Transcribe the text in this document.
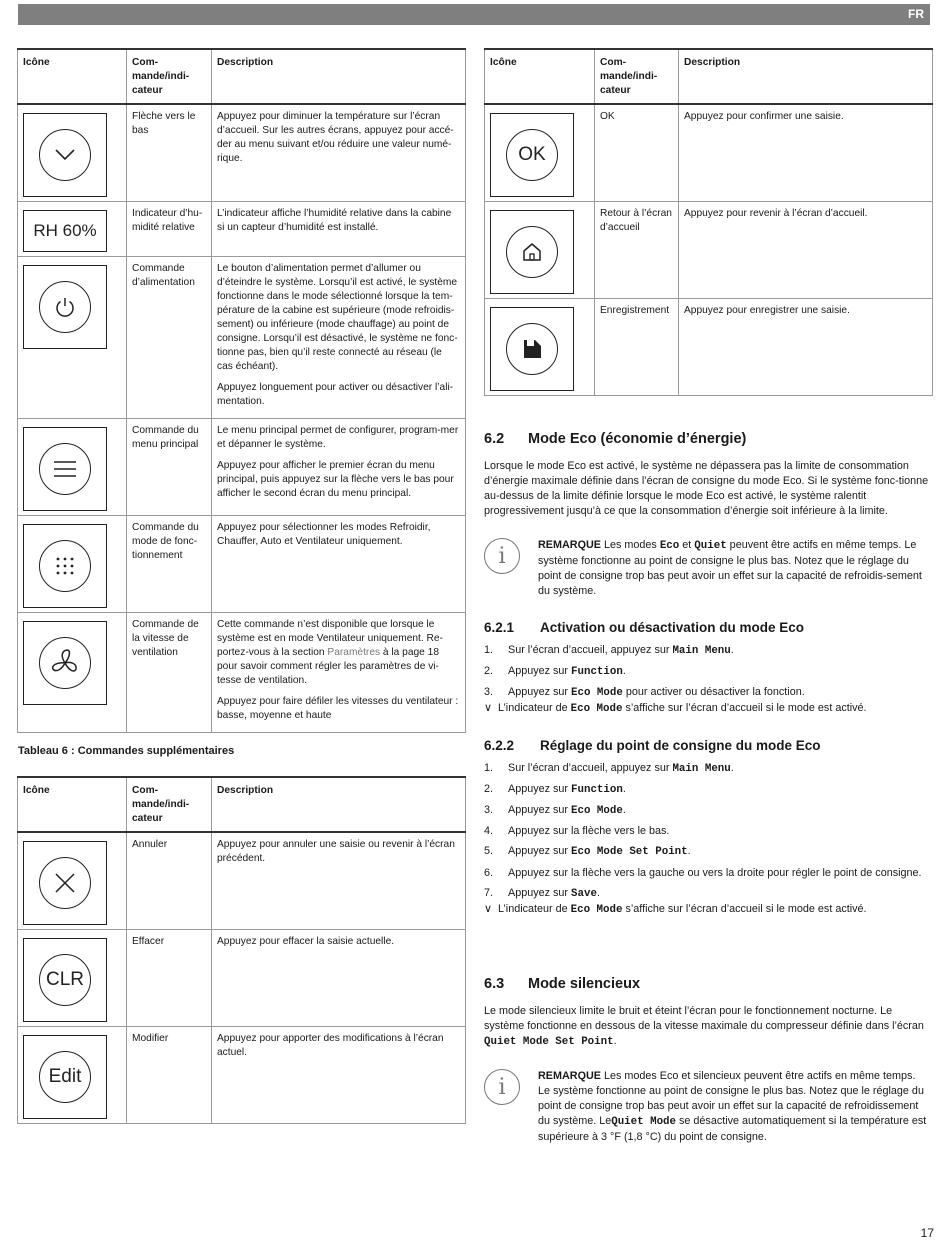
FR
Icône	Com-
mande/indi-
cateur	Description

	Flèche vers le bas	Appuyez pour diminuer la température sur l’écran d’accueil. Sur les autres écrans, appuyez pour accé-der au menu suivant et/ou réduire une valeur numé-rique.

RH 60%	Indicateur d’hu-midité relative	L’indicateur affiche l’humidité relative dans la cabine si un capteur d’humidité est installé.

	Commande d’alimentation	Le bouton d’alimentation permet d’allumer ou d’éteindre le système. Lorsqu’il est activé, le système fonctionne dans le mode sélectionné lorsque la tem-pérature de la cabine est supérieure (mode refroidis-sement) ou inférieure (mode chauffage) au point de consigne. Lorsqu’il est désactivé, le système ne fonc-tionne pas, bien qu’il reste connecté au réseau (le cas échéant).

Appuyez longuement pour activer ou désactiver l’ali-mentation.

	Commande du menu principal	Le menu principal permet de configurer, program-mer et dépanner le système.

Appuyez pour afficher le premier écran du menu principal, puis appuyez sur la flèche vers le bas pour afficher le second écran du menu principal.

	Commande du mode de fonc-tionnement	Appuyez pour sélectionner les modes Refroidir, Chauffer, Auto et Ventilateur uniquement.

	Commande de la vitesse de ventilation	Cette commande n’est disponible que lorsque le système est en mode Ventilateur uniquement. Re-portez-vous à la section Paramètres à la page 18 pour savoir comment régler les paramètres de vi-tesse de ventilation.

Appuyez pour faire défiler les vitesses du ventilateur : basse, moyenne et haute

Tableau 6 : Commandes supplémentaires
Icône	Com-
mande/indi-
cateur	Description

	Annuler	Appuyez pour annuler une saisie ou revenir à l’écran précédent.

CLR	Effacer	Appuyez pour effacer la saisie actuelle.

Edit	Modifier	Appuyez pour apporter des modifications à l’écran actuel.
Icône	Com-
mande/indi-
cateur	Description

OK	OK	Appuyez pour confirmer une saisie.

	Retour à l’écran d’accueil	Appuyez pour revenir à l’écran d’accueil.

	Enregistrement	Appuyez pour enregistrer une saisie.
6.2 Mode Eco (économie d’énergie)
Lorsque le mode Eco est activé, le système ne dépassera pas la limite de consommation d’énergie maximale définie dans l’écran de consigne du mode Eco. Si le système fonc-tionne au-dessus de la limite définie lorsque le mode Eco est activé, le système ralentit progressivement jusqu’à ce que la consommation d’énergie soit inférieure à la limite.
i	REMARQUE Les modes Eco et Quiet peuvent être actifs en même temps. Le système fonctionne au point de consigne le plus bas. Notez que le réglage du point de consigne trop bas peut avoir un effet sur la capacité de refroidis-sement du système.
6.2.1 Activation ou désactivation du mode Eco
1. Sur l’écran d’accueil, appuyez sur Main Menu.
2. Appuyez sur Function.
3. Appuyez sur Eco Mode pour activer ou désactiver la fonction.
∨ L’indicateur de Eco Mode s’affiche sur l’écran d’accueil si le mode est activé.
6.2.2 Réglage du point de consigne du mode Eco
1. Sur l’écran d’accueil, appuyez sur Main Menu.
2. Appuyez sur Function.
3. Appuyez sur Eco Mode.
4. Appuyez sur la flèche vers le bas.
5. Appuyez sur Eco Mode Set Point.
6. Appuyez sur la flèche vers la gauche ou vers la droite pour régler le point de consigne.
7. Appuyez sur Save.
∨ L’indicateur de Eco Mode s’affiche sur l’écran d’accueil si le mode est activé.
6.3 Mode silencieux
Le mode silencieux limite le bruit et éteint l’écran pour le fonctionnement nocturne. Le système fonctionne en dessous de la vitesse maximale du compresseur définie dans l’écran Quiet Mode Set Point.
i	REMARQUE Les modes Eco et silencieux peuvent être actifs en même temps. Le système fonctionne au point de consigne le plus bas. Notez que le réglage du point de consigne trop bas peut avoir un effet sur la capacité de refroidissement du système. LeQuiet Mode se désactive automatiquement si la température est supérieure à 3 °F (1,8 °C) du point de consigne.
17
